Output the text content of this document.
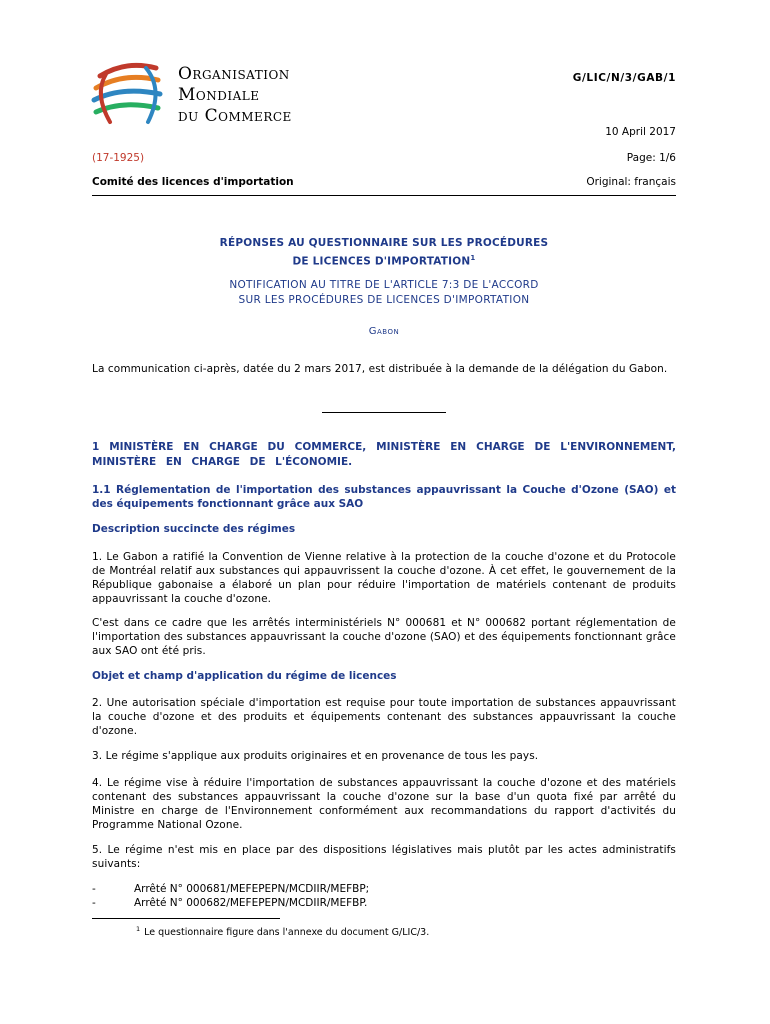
Organisation
Mondiale
du Commerce
G/LIC/N/3/GAB/1
10 April 2017
(17-1925)	Page: 1/6
Comité des licences d'importation	Original: français
RÉPONSES AU QUESTIONNAIRE SUR LES PROCÉDURES
DE LICENCES D'IMPORTATION$^1$
NOTIFICATION AU TITRE DE L'ARTICLE 7:3 DE L'ACCORD
SUR LES PROCÉDURES DE LICENCES D'IMPORTATION
Gabon
La communication ci-après, datée du 2 mars 2017, est distribuée à la demande de la délégation du Gabon.
1 MINISTÈRE EN CHARGE DU COMMERCE, MINISTÈRE EN CHARGE DE L'ENVIRONNEMENT, MINISTÈRE EN CHARGE DE L'ÉCONOMIE.
1.1 Réglementation de l'importation des substances appauvrissant la Couche d'Ozone (SAO) et des équipements fonctionnant grâce aux SAO
Description succincte des régimes
1. Le Gabon a ratifié la Convention de Vienne relative à la protection de la couche d'ozone et du Protocole de Montréal relatif aux substances qui appauvrissent la couche d'ozone. À cet effet, le gouvernement de la République gabonaise a élaboré un plan pour réduire l'importation de matériels contenant de produits appauvrissant la couche d'ozone.
C'est dans ce cadre que les arrêtés interministériels N° 000681 et N° 000682 portant réglementation de l'importation des substances appauvrissant la couche d'ozone (SAO) et des équipements fonctionnant grâce aux SAO ont été pris.
Objet et champ d'application du régime de licences
2. Une autorisation spéciale d'importation est requise pour toute importation de substances appauvrissant la couche d'ozone et des produits et équipements contenant des substances appauvrissant la couche d'ozone.
3. Le régime s'applique aux produits originaires et en provenance de tous les pays.
4. Le régime vise à réduire l'importation de substances appauvrissant la couche d'ozone et des matériels contenant des substances appauvrissant la couche d'ozone sur la base d'un quota fixé par arrêté du Ministre en charge de l'Environnement conformément aux recommandations du rapport d'activités du Programme National Ozone.
5. Le régime n'est mis en place par des dispositions législatives mais plutôt par les actes administratifs suivants:
-	Arrêté N° 000681/MEFEPEPN/MCDIIR/MEFBP;
-	Arrêté N° 000682/MEFEPEPN/MCDIIR/MEFBP.
$^1$ Le questionnaire figure dans l'annexe du document G/LIC/3.
